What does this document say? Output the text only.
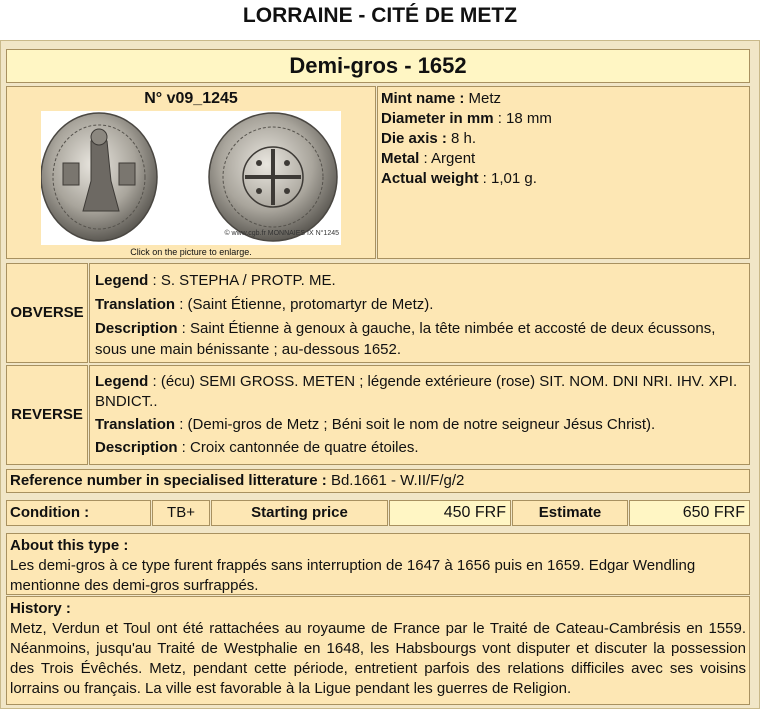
LORRAINE - CITÉ DE METZ
Demi-gros - 1652
N° v09_1245
© www.cgb.fr MONNAIES IX N°1245
Click on the picture to enlarge.

Mint name : Metz

Diameter in mm : 18 mm

Die axis : 8 h.

Metal : Argent

Actual weight : 1,01 g.

OBVERSE

Legend : S. STEPHA / PROTP. ME.

Translation : (Saint Étienne, protomartyr de Metz).

Description : Saint Étienne à genoux à gauche, la tête nimbée et accosté de deux écussons, sous une main bénissante ; au-dessous 1652.

REVERSE

Legend : (écu) SEMI GROSS. METEN ; légende extérieure (rose) SIT. NOM. DNI NRI. IHV. XPI. BNDICT..

Translation : (Demi-gros de Metz ; Béni soit le nom de notre seigneur Jésus Christ).

Description : Croix cantonnée de quatre étoiles.

Reference number in specialised litterature : Bd.1661 - W.II/F/g/2
Condition :	TB+	Starting price	450 FRF	Estimate	650 FRF

About this type :

Les demi-gros à ce type furent frappés sans interruption de 1647 à 1656 puis en 1659. Edgar Wendling mentionne des demi-gros surfrappés.

History :

Metz, Verdun et Toul ont été rattachées au royaume de France par le Traité de Cateau-Cambrésis en 1559. Néanmoins, jusqu'au Traité de Westphalie en 1648, les Habsbourgs vont disputer et discuter la possession des Trois Évêchés. Metz, pendant cette période, entretient parfois des relations difficiles avec ses voisins lorrains ou français. La ville est favorable à la Ligue pendant les guerres de Religion.
